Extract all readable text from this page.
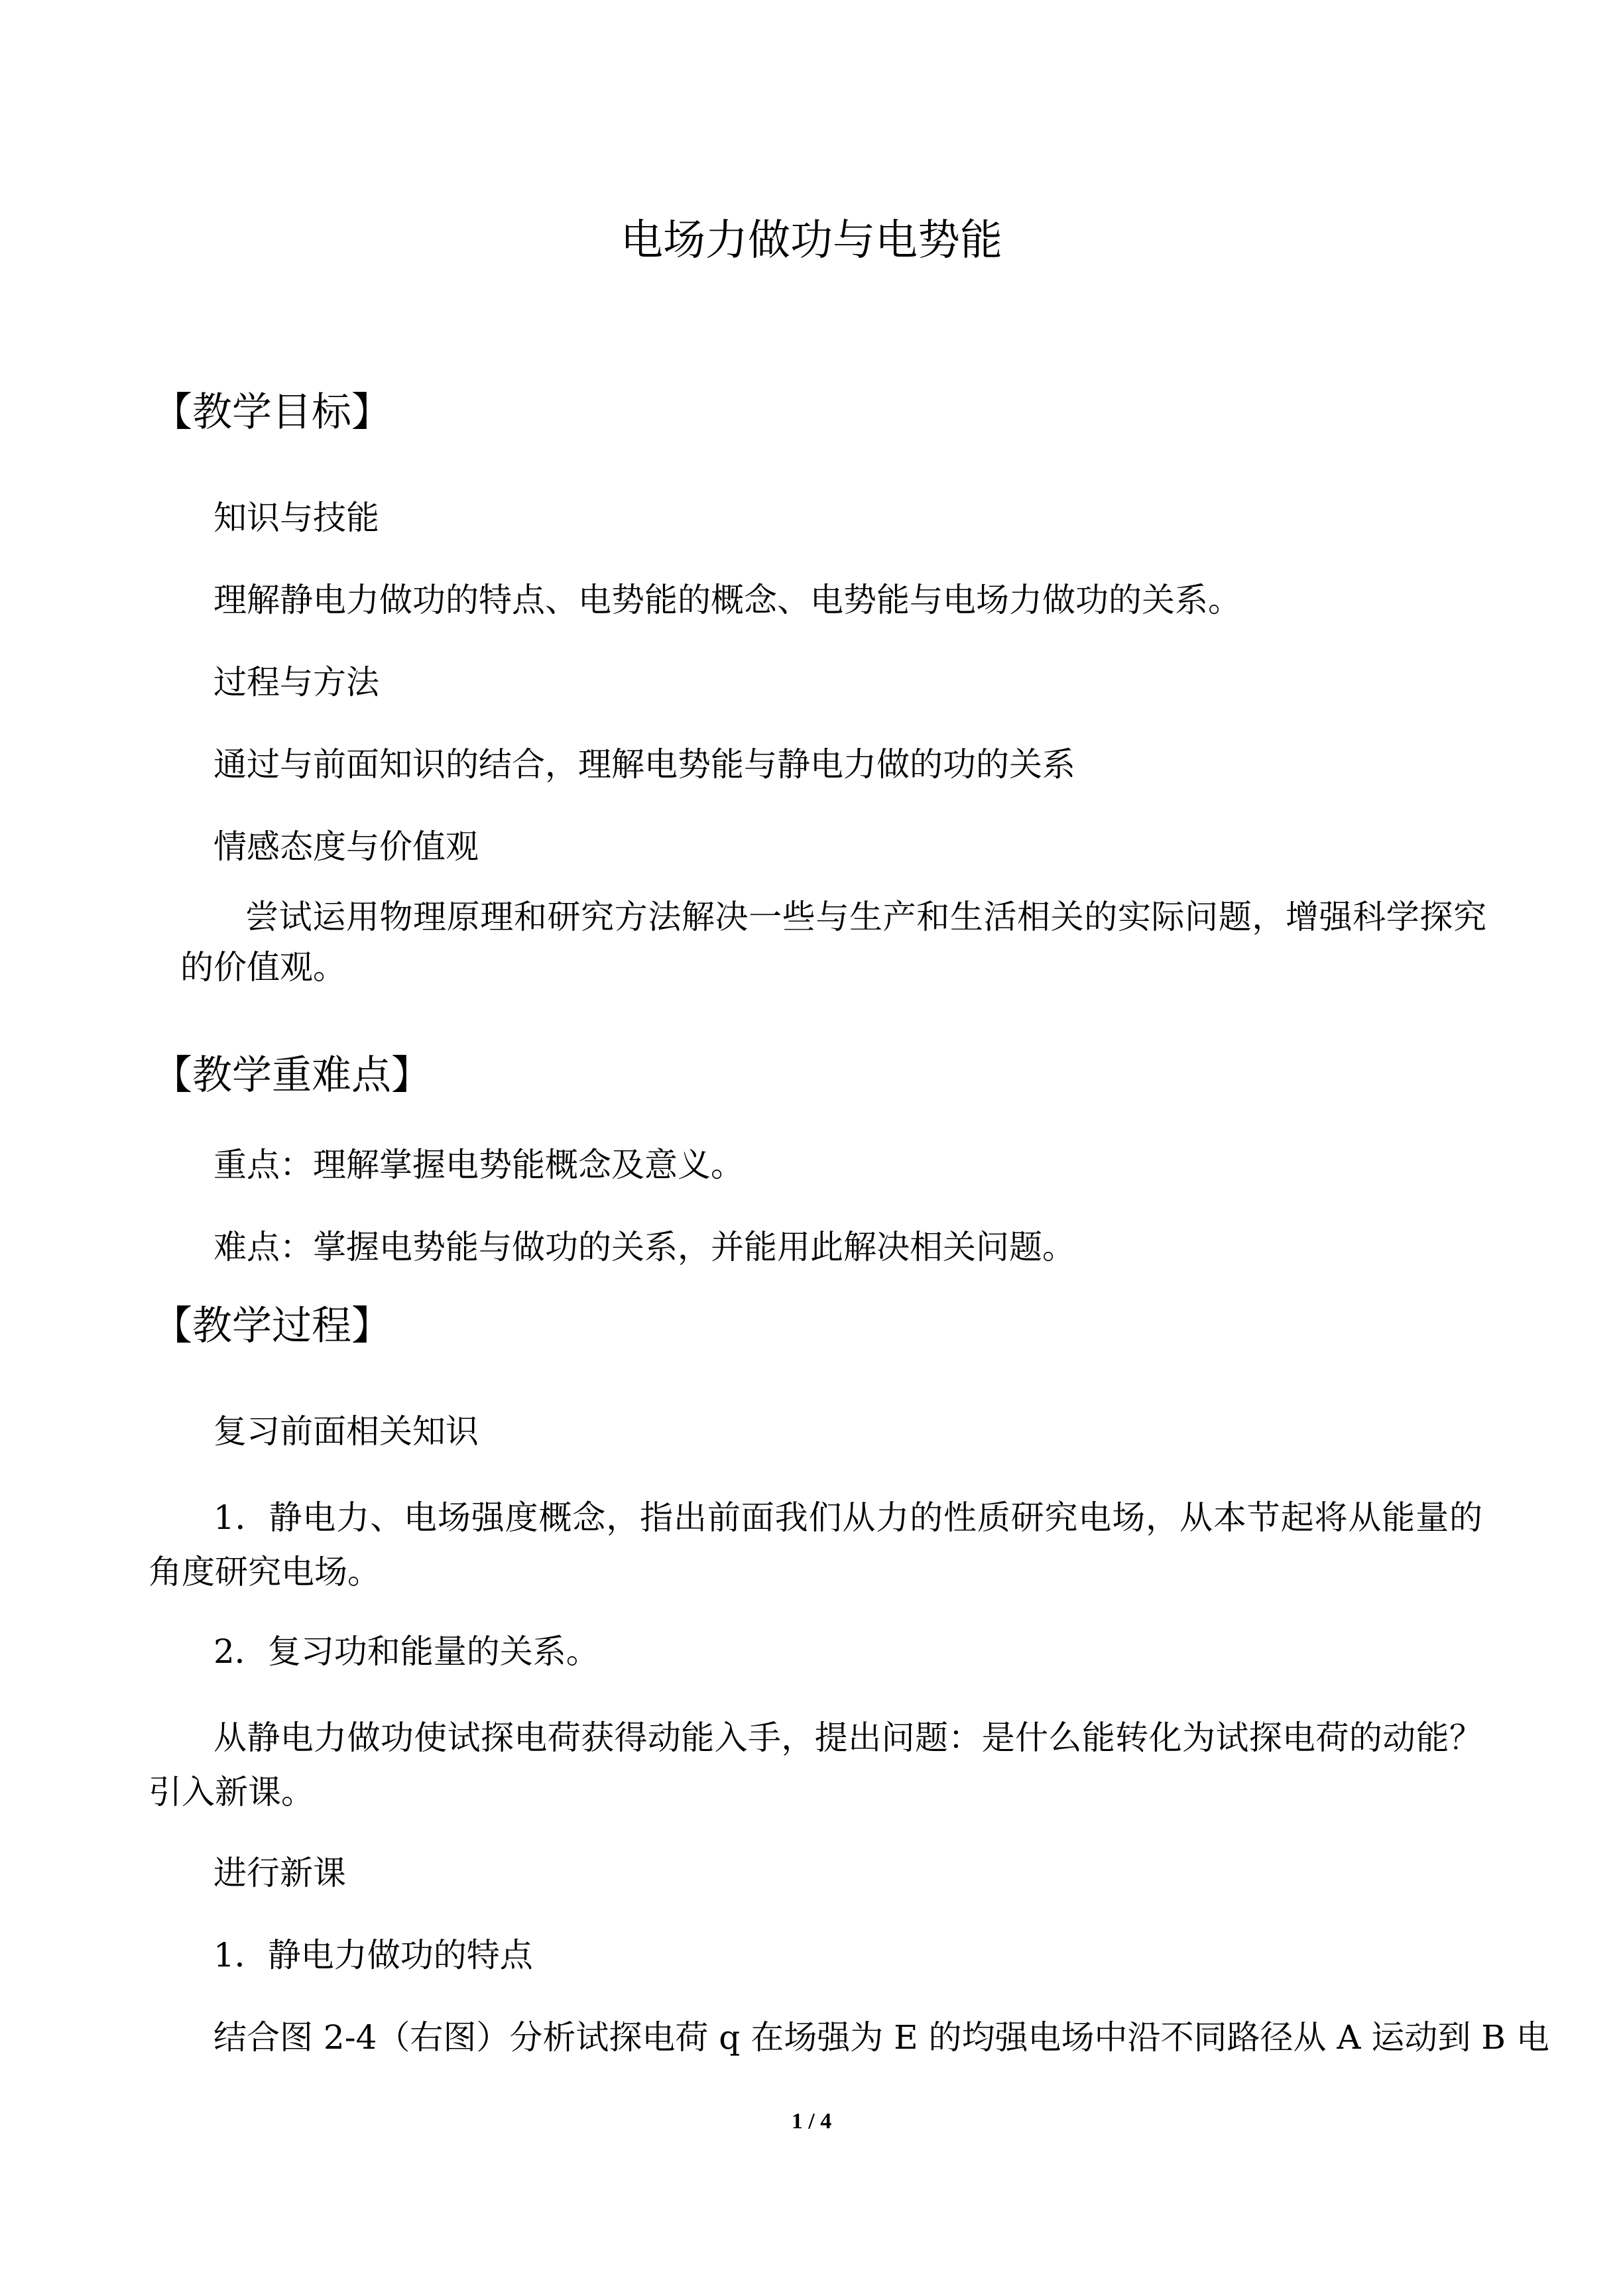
电场力做功与电势能
【教学目标】
知识与技能
理解静电力做功的特点、电势能的概念、电势能与电场力做功的关系。
过程与方法
通过与前面知识的结合，理解电势能与静电力做的功的关系
情感态度与价值观
尝试运用物理原理和研究方法解决一些与生产和生活相关的实际问题，增强科学探究的价值观。
【教学重难点】
重点：理解掌握电势能概念及意义。
难点：掌握电势能与做功的关系，并能用此解决相关问题。
【教学过程】
复习前面相关知识
1．静电力、电场强度概念，指出前面我们从力的性质研究电场，从本节起将从能量的角度研究电场。
2．复习功和能量的关系。
从静电力做功使试探电荷获得动能入手，提出问题：是什么能转化为试探电荷的动能？引入新课。
进行新课
1．静电力做功的特点
结合图 2-4（右图）分析试探电荷 q 在场强为 E 的均强电场中沿不同路径从 A 运动到 B 电
1 / 4
